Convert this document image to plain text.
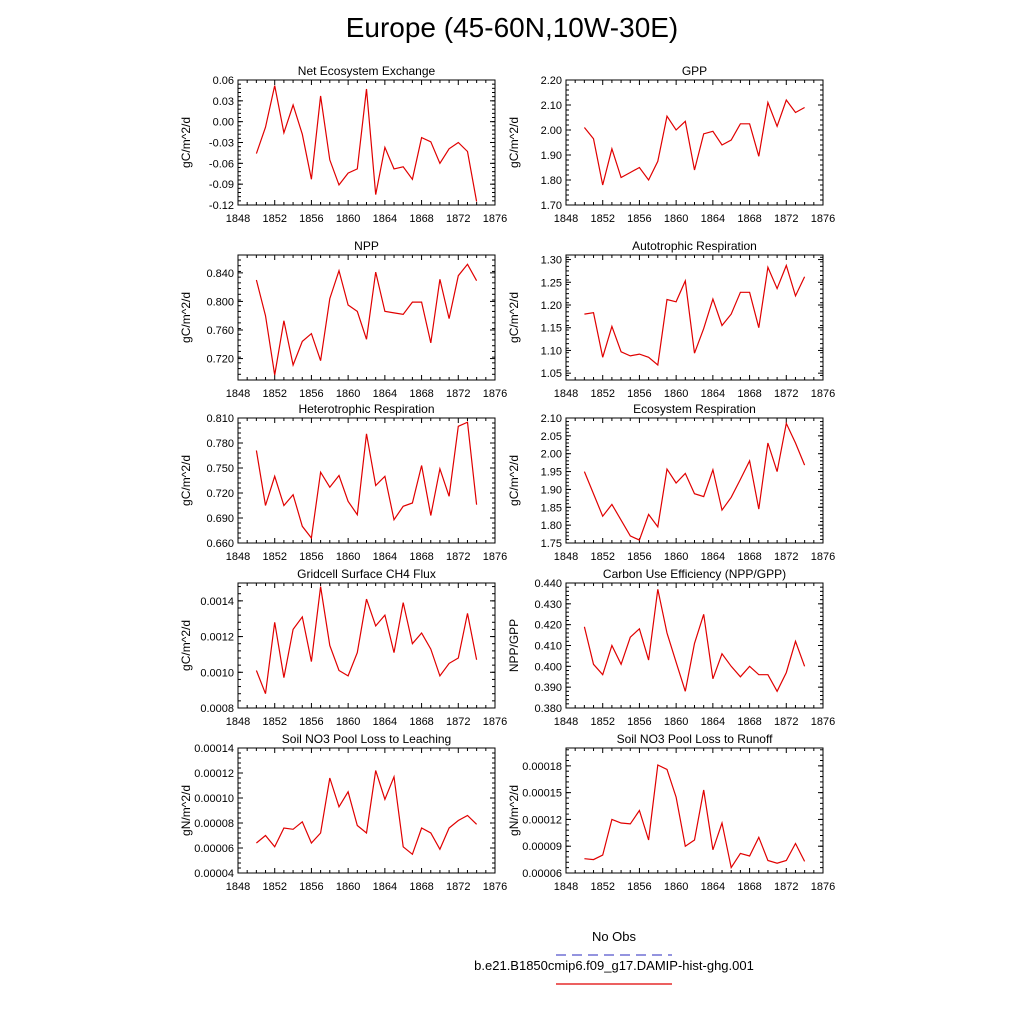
Europe (45-60N,10W-30E)
Net Ecosystem Exchange
gC/m^2/d
1848 1852 1856 1860 1864 1868 1872 1876
-0.12
-0.09
-0.06
-0.03
0.00
0.03
0.06
GPP
gC/m^2/d
1848 1852 1856 1860 1864 1868 1872 1876
1.70
1.80
1.90
2.00
2.10
2.20
NPP
gC/m^2/d
1848 1852 1856 1860 1864 1868 1872 1876
0.720
0.760
0.800
0.840
Autotrophic Respiration
gC/m^2/d
1848 1852 1856 1860 1864 1868 1872 1876
1.05
1.10
1.15
1.20
1.25
1.30
Heterotrophic Respiration
gC/m^2/d
1848 1852 1856 1860 1864 1868 1872 1876
0.660
0.690
0.720
0.750
0.780
0.810
Ecosystem Respiration
gC/m^2/d
1848 1852 1856 1860 1864 1868 1872 1876
1.75
1.80
1.85
1.90
1.95
2.00
2.05
2.10
Gridcell Surface CH4 Flux
gC/m^2/d
1848 1852 1856 1860 1864 1868 1872 1876
0.0008
0.0010
0.0012
0.0014
Carbon Use Efficiency (NPP/GPP)
NPP/GPP
1848 1852 1856 1860 1864 1868 1872 1876
0.380
0.390
0.400
0.410
0.420
0.430
0.440
Soil NO3 Pool Loss to Leaching
gN/m^2/d
1848 1852 1856 1860 1864 1868 1872 1876
0.00004
0.00006
0.00008
0.00010
0.00012
0.00014
Soil NO3 Pool Loss to Runoff
gN/m^2/d
1848 1852 1856 1860 1864 1868 1872 1876
0.00006
0.00009
0.00012
0.00015
0.00018
No Obs
b.e21.B1850cmip6.f09_g17.DAMIP-hist-ghg.001
